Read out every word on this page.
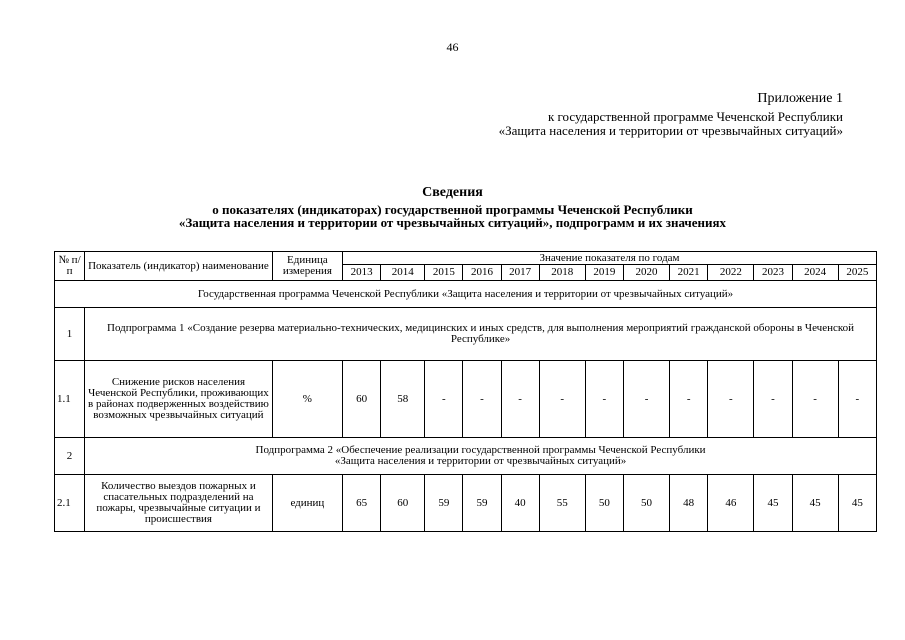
46
Приложение 1
к государственной программе Чеченской Республики
«Защита населения и территории от чрезвычайных ситуаций»
Сведения
о показателях (индикаторах) государственной программы Чеченской Республики
«Защита населения и территории от чрезвычайных ситуаций», подпрограмм и их значениях
№ п/п	Показатель (индикатор) наименование	Единица измерения	Значение показателя по годам												
			2013	2014	2015	2016	2017	2018	2019	2020	2021	2022	2023	2024	2025
Государственная программа Чеченской Республики «Защита населения и территории от чрезвычайных ситуаций»															
1	Подпрограмма 1 «Создание резерва материально-технических, медицинских и иных средств, для выполнения мероприятий гражданской обороны в Чеченской Республике»														
1.1	Снижение рисков населения Чеченской Республики, проживающих в районах подверженных воздействию возможных чрезвычайных ситуаций	%	60	58	-	-	-	-	-	-	-	-	-	-	-
2	Подпрограмма 2 «Обеспечение реализации государственной программы Чеченской Республики
«Защита населения и территории от чрезвычайных ситуаций»														

2.1	Количество выездов пожарных и спасательных подразделений на пожары, чрезвычайные ситуации и происшествия	единиц	65	60	59	59	40	55	50	50	48	46	45	45	45
